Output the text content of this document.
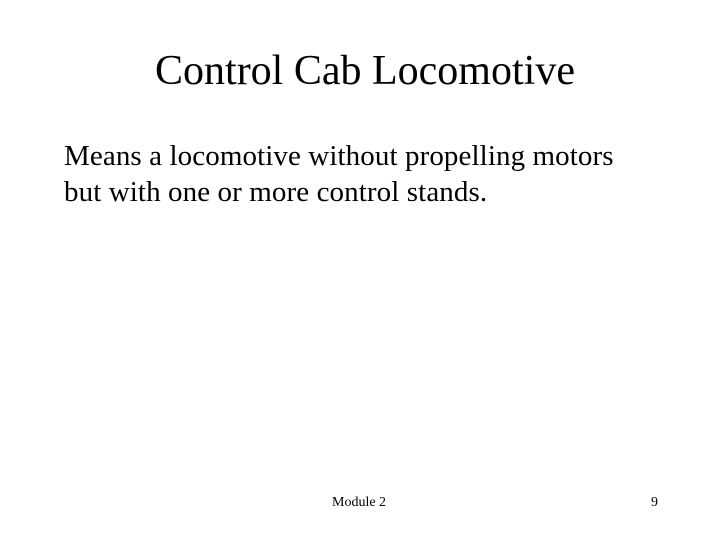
Control Cab Locomotive
Means a locomotive without propelling motors
but with one or more control stands.
Module 2	9
